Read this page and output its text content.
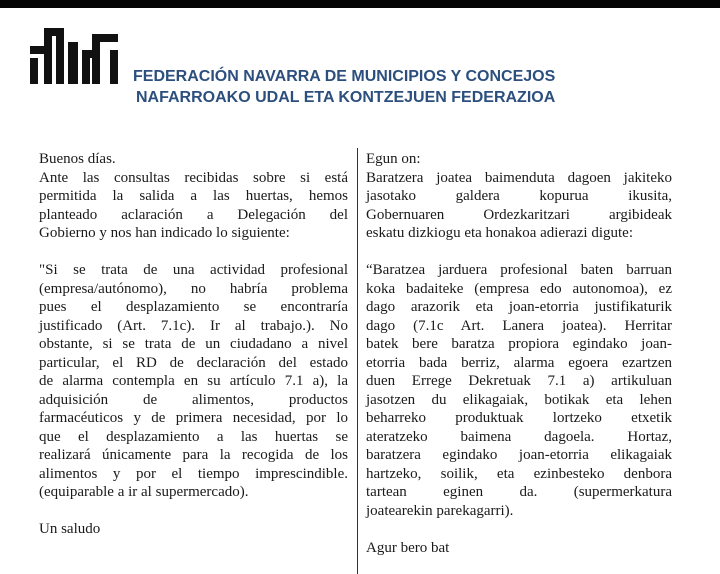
FEDERACIÓN NAVARRA DE MUNICIPIOS Y CONCEJOS
NAFARROAKO UDAL ETA KONTZEJUEN FEDERAZIOA

Buenos días.

Ante las consultas recibidas sobre si está

permitida la salida a las huertas, hemos

planteado aclaración a Delegación del

Gobierno y nos han indicado lo siguiente:

"Si se trata de una actividad profesional

(empresa/autónomo), no habría problema

pues el desplazamiento se encontraría

justificado (Art. 7.1c). Ir al trabajo.). No

obstante, si se trata de un ciudadano a nivel

particular, el RD de declaración del estado

de alarma contempla en su artículo 7.1 a), la

adquisición de alimentos, productos

farmacéuticos y de primera necesidad, por lo

que el desplazamiento a las huertas se

realizará únicamente para la recogida de los

alimentos y por el tiempo imprescindible.

(equiparable a ir al supermercado).

Un saludo

Egun on:

Baratzera joatea baimenduta dagoen jakiteko

jasotako galdera kopurua ikusita,

Gobernuaren Ordezkaritzari argibideak

eskatu dizkiogu eta honakoa adierazi digute:

“Baratzea jarduera profesional baten barruan

koka badaiteke (empresa edo autonomoa), ez

dago arazorik eta joan-etorria justifikaturik

dago (7.1c Art. Lanera joatea). Herritar

batek bere baratza propiora egindako joan-

etorria bada berriz, alarma egoera ezartzen

duen Erregе Dekretuak 7.1 a) artikuluan

jasotzen du elikagaiak, botikak eta lehen

beharreko produktuak lortzeko etxetik

ateratzeko baimena dagoela. Hortaz,

baratzera egindako joan-etorria elikagaiak

hartzeko, soilik, eta ezinbesteko denbora

tartean eginen da. (supermerkatura

joatearekin parekagarri).

Agur bero bat
